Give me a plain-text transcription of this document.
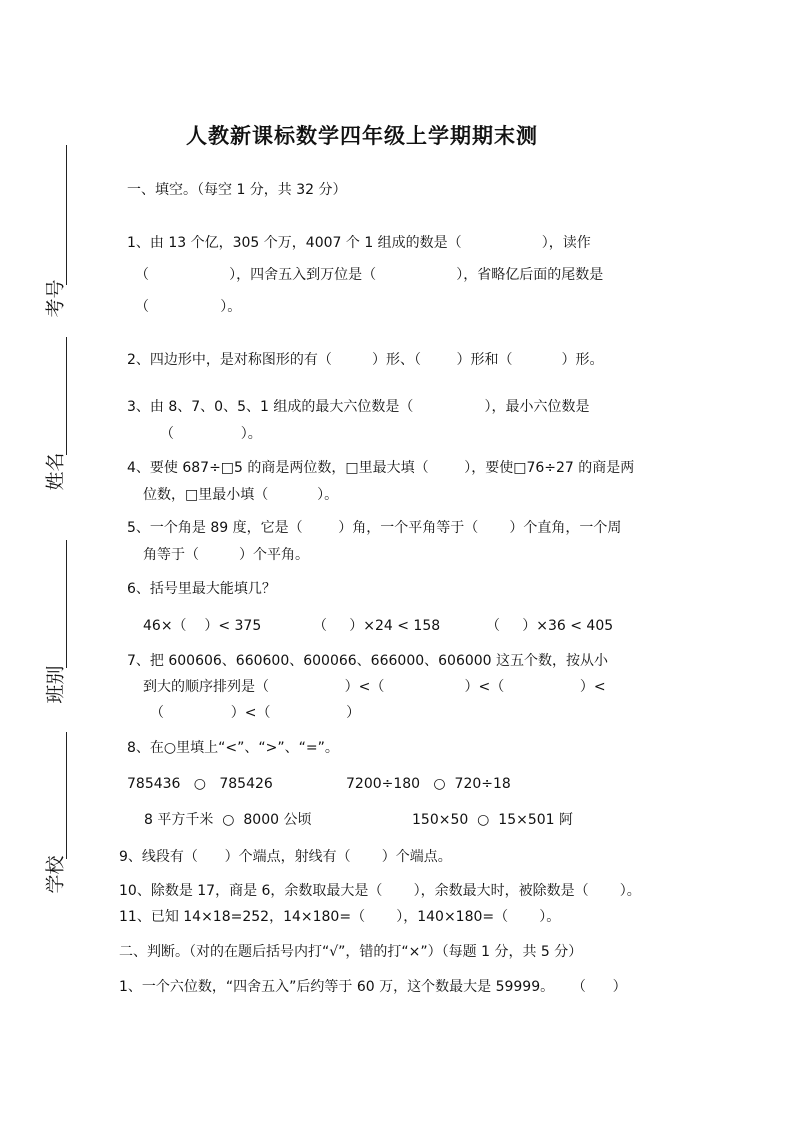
考号
姓名
班别
学校
人教新课标数学四年级上学期期末测
一、填空。（每空 1 分，共 32 分）
1、由 13 个亿，305 个万，4007 个 1 组成的数是（                  ），读作
（                  ），四舍五入到万位是（                  ），省略亿后面的尾数是
（                ）。
2、四边形中，是对称图形的有（         ）形、（        ）形和（           ）形。
3、由 8、7、0、5、1 组成的最大六位数是（                ），最小六位数是
（               ）。
4、要使 687÷□5 的商是两位数，□里最大填（        ），要使□76÷27 的商是两
位数，□里最小填（           ）。
5、一个角是 89 度，它是（        ）角，一个平角等于（       ）个直角，一个周
角等于（         ）个平角。
6、括号里最大能填几？
46×（    ）< 375	（     ）×24 < 158	（     ）×36 < 405
7、把 600606、660600、600066、666000、606000 这五个数，按从小
到大的顺序排列是（                 ）<（                  ）<（                 ）<
（               ）<（                 ）
8、在○里填上“<”、“>”、“=”。
785436   ○   785426	7200÷180   ○  720÷18
8 平方千米  ○  8000 公顷	150×50  ○  15×501 阿
9、线段有（      ）个端点，射线有（       ）个端点。
10、除数是 17，商是 6，余数取最大是（       ），余数最大时，被除数是（       ）。
11、已知 14×18=252，14×180=（       ），140×180=（       ）。
二、判断。（对的在题后括号内打“√”，错的打“×”）（每题 1 分，共 5 分）
1、一个六位数，“四舍五入”后约等于 60 万，这个数最大是 59999。    （      ）
